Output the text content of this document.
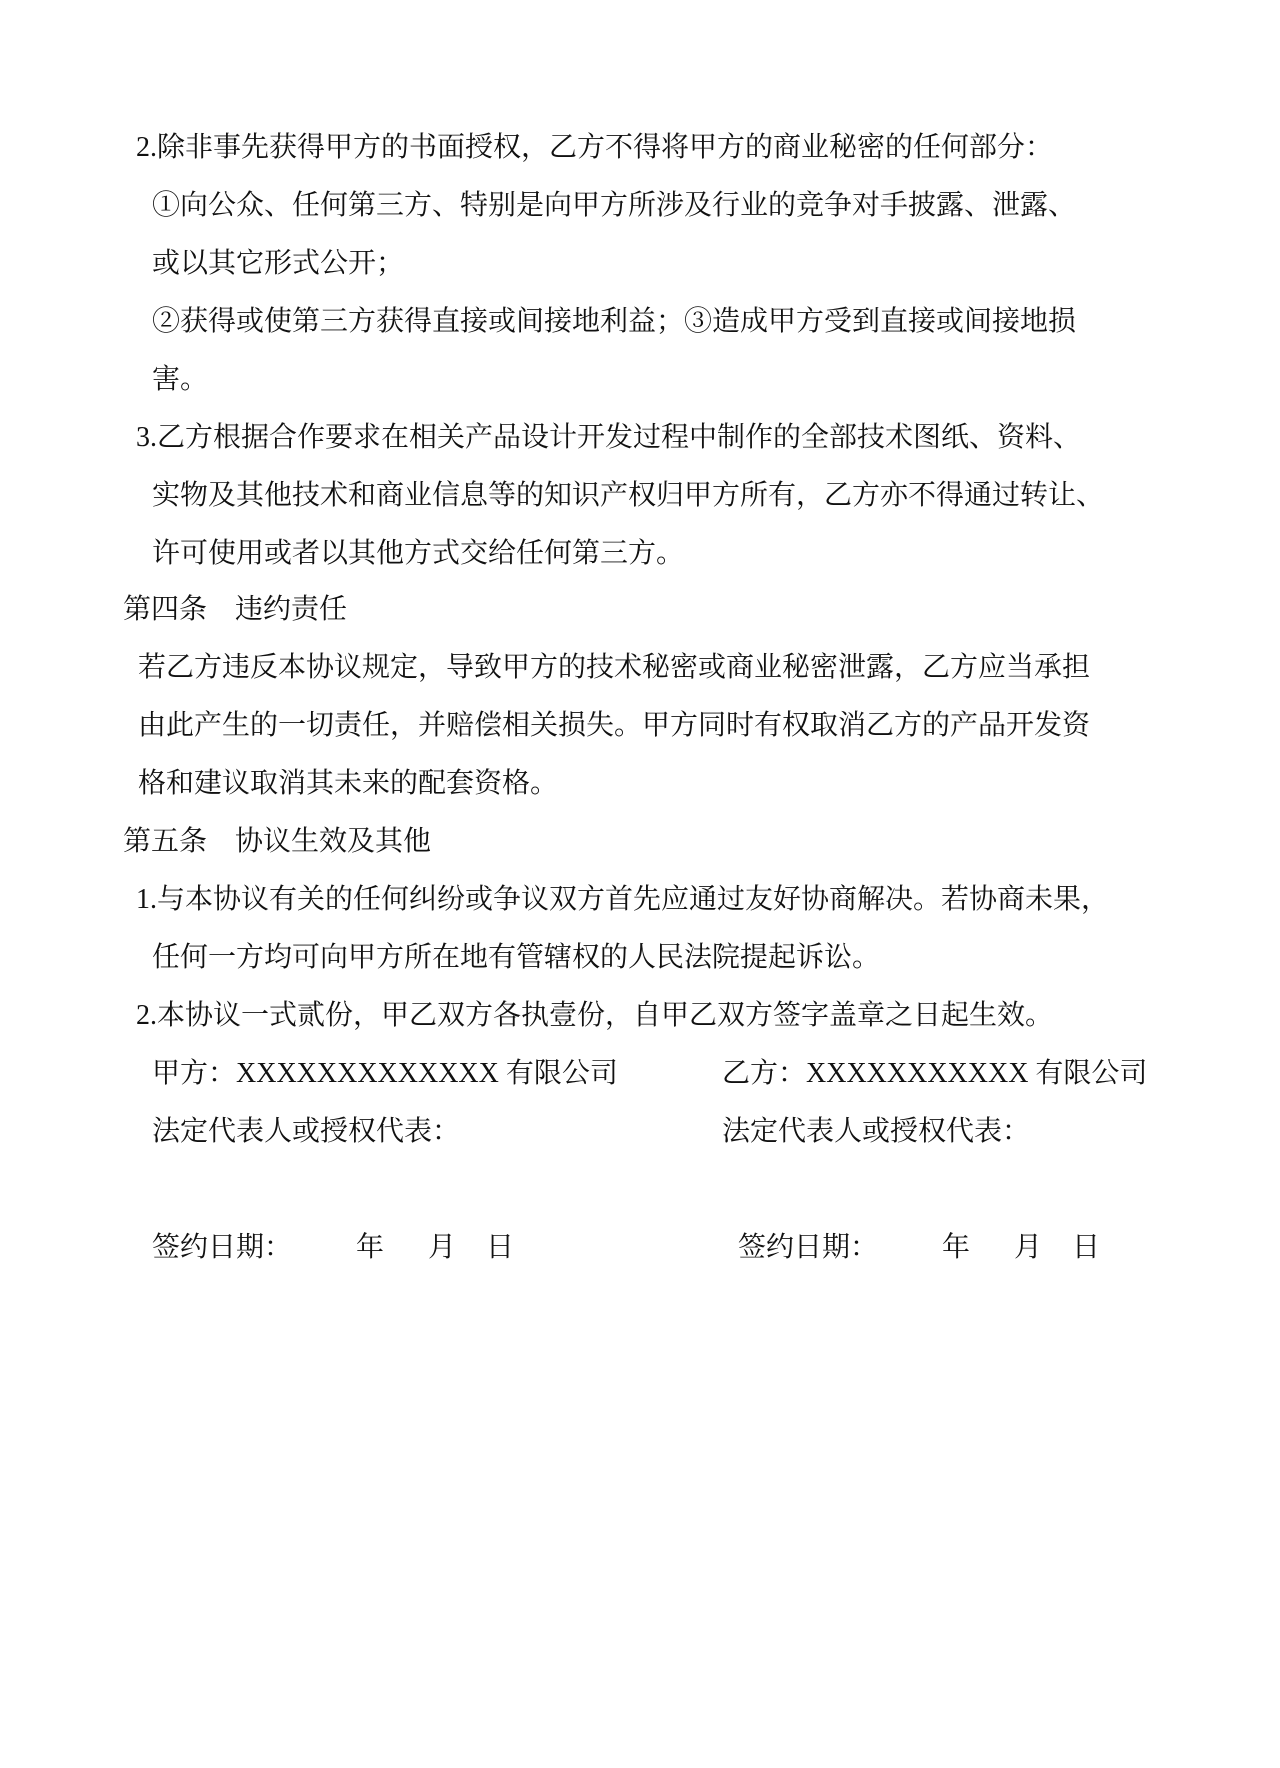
2.除非事先获得甲方的书面授权，乙方不得将甲方的商业秘密的任何部分：
①向公众、任何第三方、特别是向甲方所涉及行业的竞争对手披露、泄露、
或以其它形式公开；
②获得或使第三方获得直接或间接地利益；③造成甲方受到直接或间接地损
害。
3.乙方根据合作要求在相关产品设计开发过程中制作的全部技术图纸、资料、
实物及其他技术和商业信息等的知识产权归甲方所有，乙方亦不得通过转让、
许可使用或者以其他方式交给任何第三方。
第四条　违约责任
若乙方违反本协议规定，导致甲方的技术秘密或商业秘密泄露，乙方应当承担
由此产生的一切责任，并赔偿相关损失。甲方同时有权取消乙方的产品开发资
格和建议取消其未来的配套资格。
第五条　协议生效及其他
1.与本协议有关的任何纠纷或争议双方首先应通过友好协商解决。若协商未果，
任何一方均可向甲方所在地有管辖权的人民法院提起诉讼。
2.本协议一式贰份，甲乙双方各执壹份，自甲乙双方签字盖章之日起生效。
甲方：XXXXXXXXXXXXX 有限公司	乙方：XXXXXXXXXXX 有限公司
法定代表人或授权代表：	法定代表人或授权代表：
签约日期： 年 月 日	签约日期： 年 月 日
